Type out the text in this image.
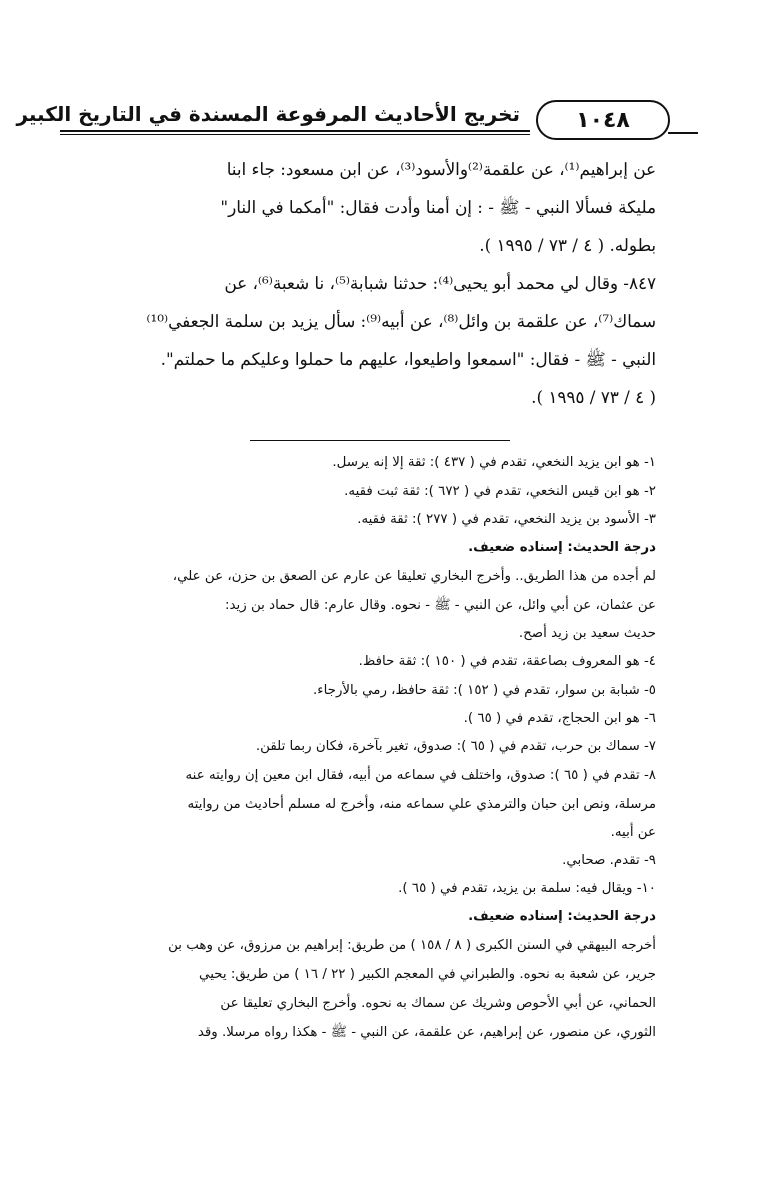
تخريج الأحاديث المرفوعة المسندة في التاريخ الكبير	١٠٤٨
عن إبراهيم⁽¹⁾، عن علقمة⁽²⁾والأسود⁽³⁾، عن ابن مسعود: جاء ابنا
مليكة فسألا النبي - ﷺ - : إن أمنا وأدت فقال: "أمكما في النار"
بطوله. ( ٤ / ٧٣ / ١٩٩٥ ).
٨٤٧- وقال لي محمد أبو يحيى⁽⁴⁾: حدثنا شبابة⁽⁵⁾، نا شعبة⁽⁶⁾، عن
سماك⁽⁷⁾، عن علقمة بن وائل⁽⁸⁾، عن أبيه⁽⁹⁾: سأل يزيد بن سلمة الجعفي⁽¹⁰⁾
النبي - ﷺ - فقال: "اسمعوا واطيعوا، عليهم ما حملوا وعليكم ما حملتم".
( ٤ / ٧٣ / ١٩٩٥ ).
١- هو ابن يزيد النخعي، تقدم في ( ٤٣٧ ): ثقة إلا إنه يرسل.
٢- هو ابن قيس النخعي، تقدم في ( ٦٧٢ ): ثقة ثبت فقيه.
٣- الأسود بن يزيد النخعي، تقدم في ( ٢٧٧ ): ثقة فقيه.
درجة الحديث: إسناده ضعيف.
لم أجده من هذا الطريق.. وأخرج البخاري تعليقا عن عارم عن الصعق بن حزن، عن علي،
عن عثمان، عن أبي وائل، عن النبي - ﷺ - نحوه. وقال عارم: قال حماد بن زيد:
حديث سعيد بن زيد أصح.
٤- هو المعروف بصاعقة، تقدم في ( ١٥٠ ): ثقة حافظ.
٥- شبابة بن سوار، تقدم في ( ١٥٢ ): ثقة حافظ، رمي بالأرجاء.
٦- هو ابن الحجاج، تقدم في ( ٦٥ ).
٧- سماك بن حرب، تقدم في ( ٦٥ ): صدوق، تغير بآخرة، فكان ربما تلقن.
٨- تقدم في ( ٦٥ ): صدوق، واختلف في سماعه من أبيه، فقال ابن معين إن روايته عنه
مرسلة، ونص ابن حبان والترمذي علي سماعه منه، وأخرج له مسلم أحاديث من روايته
عن أبيه.
٩- تقدم. صحابي.
١٠- ويقال فيه: سلمة بن يزيد، تقدم في ( ٦٥ ).
درجة الحديث: إسناده ضعيف.
أخرجه البيهقي في السنن الكبرى ( ٨ / ١٥٨ ) من طريق: إبراهيم بن مرزوق، عن وهب بن
جرير، عن شعبة به نحوه. والطبراني في المعجم الكبير ( ٢٢ / ١٦ ) من طريق: يحيي
الحماني، عن أبي الأحوص وشريك عن سماك به نحوه. وأخرج البخاري تعليقا عن
الثوري، عن منصور، عن إبراهيم، عن علقمة، عن النبي - ﷺ - هكذا رواه مرسلا. وقد
